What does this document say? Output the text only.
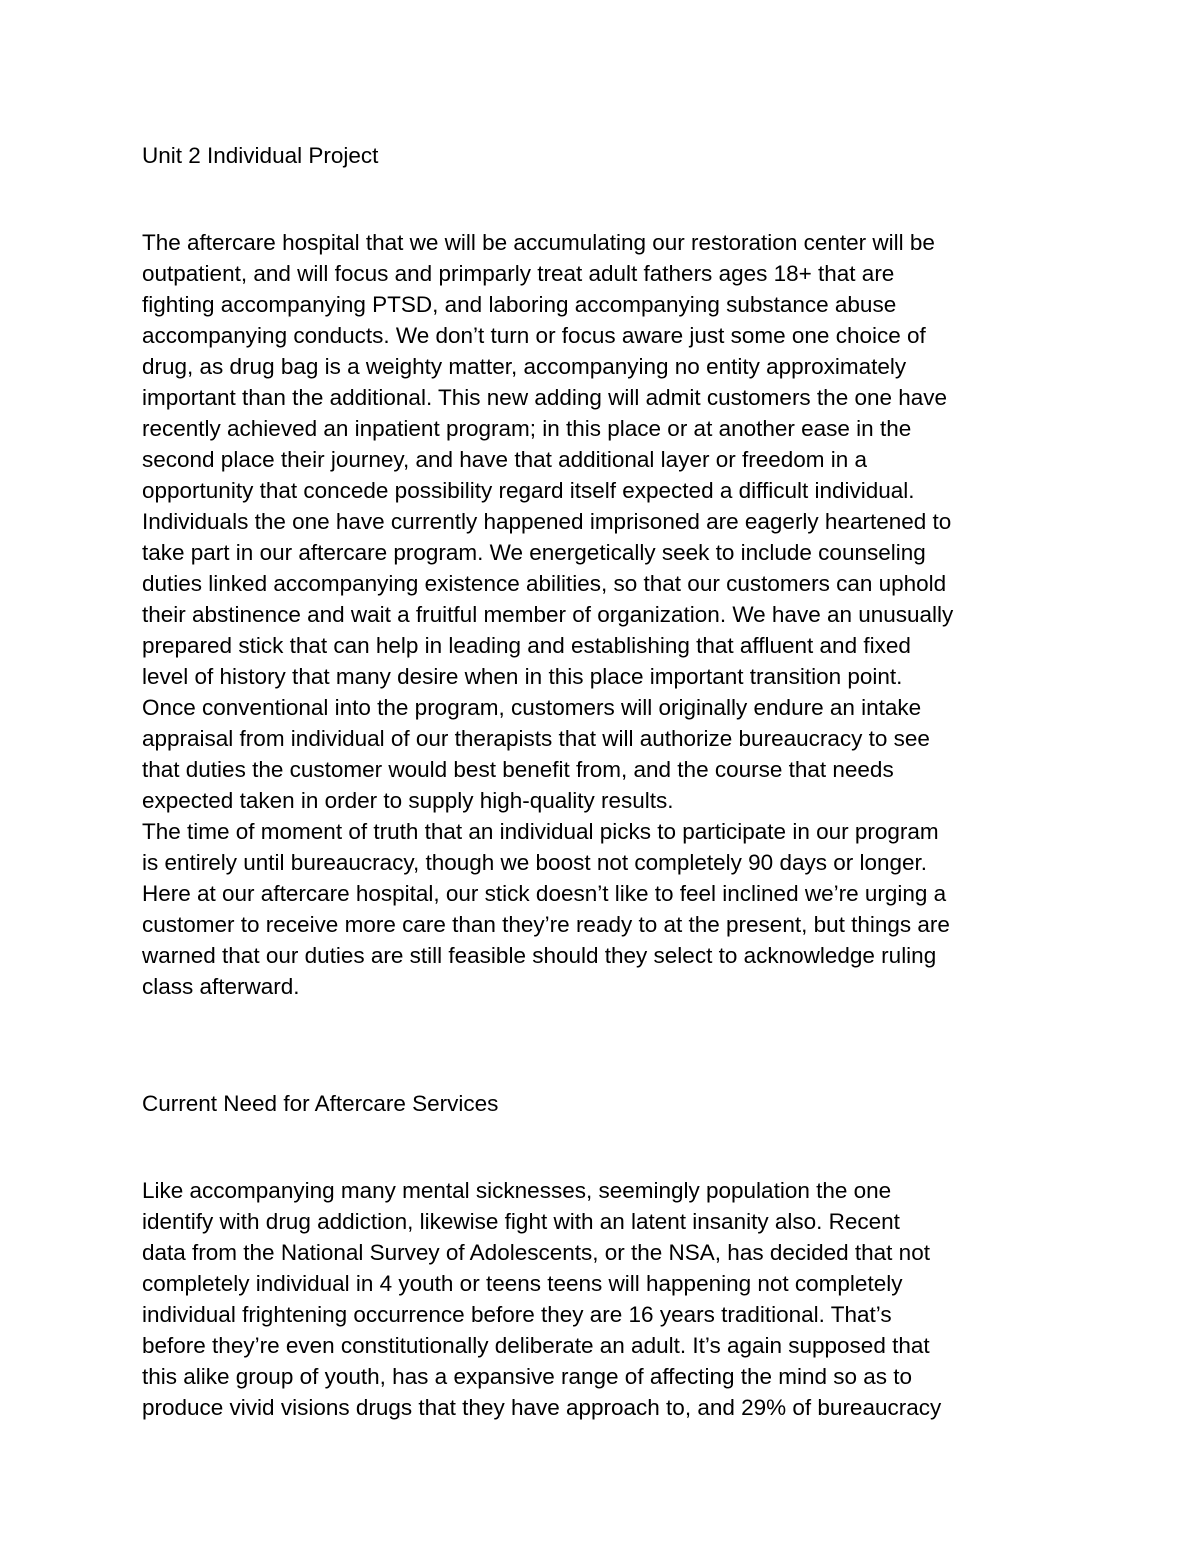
Unit 2 Individual Project

The aftercare hospital that we will be accumulating our restoration center will be
outpatient, and will focus and primparly treat adult fathers ages 18+ that are
fighting accompanying PTSD, and laboring accompanying substance abuse
accompanying conducts. We don’t turn or focus aware just some one choice of
drug, as drug bag is a weighty matter, accompanying no entity approximately
important than the additional. This new adding will admit customers the one have
recently achieved an inpatient program; in this place or at another ease in the
second place their journey, and have that additional layer or freedom in a
opportunity that concede possibility regard itself expected a difficult individual.
Individuals the one have currently happened imprisoned are eagerly heartened to
take part in our aftercare program. We energetically seek to include counseling
duties linked accompanying existence abilities, so that our customers can uphold
their abstinence and wait a fruitful member of organization. We have an unusually
prepared stick that can help in leading and establishing that affluent and fixed
level of history that many desire when in this place important transition point.
Once conventional into the program, customers will originally endure an intake
appraisal from individual of our therapists that will authorize bureaucracy to see
that duties the customer would best benefit from, and the course that needs
expected taken in order to supply high-quality results.

The time of moment of truth that an individual picks to participate in our program
is entirely until bureaucracy, though we boost not completely 90 days or longer.
Here at our aftercare hospital, our stick doesn’t like to feel inclined we’re urging a
customer to receive more care than they’re ready to at the present, but things are
warned that our duties are still feasible should they select to acknowledge ruling
class afterward.

Current Need for Aftercare Services

Like accompanying many mental sicknesses, seemingly population the one
identify with drug addiction, likewise fight with an latent insanity also. Recent
data from the National Survey of Adolescents, or the NSA, has decided that not
completely individual in 4 youth or teens teens will happening not completely
individual frightening occurrence before they are 16 years traditional. That’s
before they’re even constitutionally deliberate an adult. It’s again supposed that
this alike group of youth, has a expansive range of affecting the mind so as to
produce vivid visions drugs that they have approach to, and 29% of bureaucracy
